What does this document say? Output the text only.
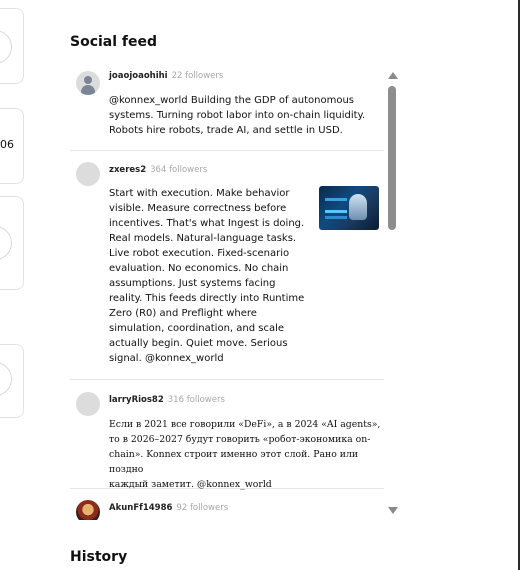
06
Social feed
joaojoaohihi 22 followers
@konnex_world Building the GDP of autonomous
systems. Turning robot labor into on-chain liquidity.
Robots hire robots, trade AI, and settle in USD.
zxeres2 364 followers
Start with execution. Make behavior
visible. Measure correctness before
incentives. That's what Ingest is doing.
Real models. Natural-language tasks.
Live robot execution. Fixed-scenario
evaluation. No economics. No chain
assumptions. Just systems facing
reality. This feeds directly into Runtime
Zero (R0) and Preflight where
simulation, coordination, and scale
actually begin. Quiet move. Serious
signal. @konnex_world
larryRios82 316 followers
Если в 2021 все говорили «DeFi», а в 2024 «AI agents»,
то в 2026–2027 будут говорить «робот-экономика on-
chain». Konnex строит именно этот слой. Рано или поздно
каждый заметит. @konnex_world
AkunFf14986 92 followers
History
